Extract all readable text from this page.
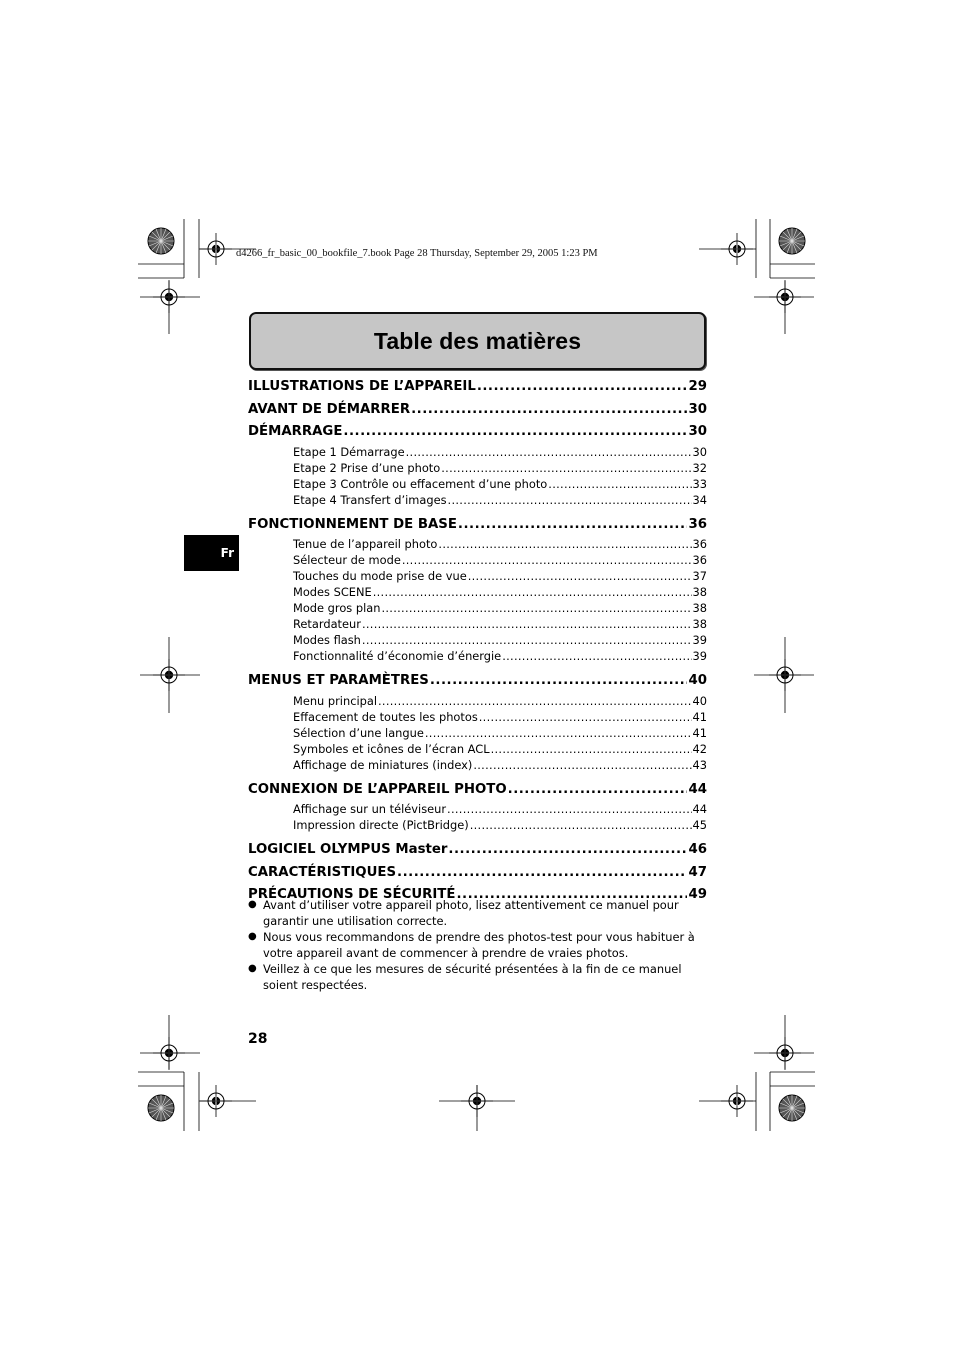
d4266_fr_basic_00_bookfile_7.book Page 28 Thursday, September 29, 2005 1:23 PM
Table des matières
Fr
ILLUSTRATIONS DE L’APPAREIL .....	29
AVANT DE DÉMARRER .....	30
DÉMARRAGE .....	30
Etape 1 Démarrage .....	30
Etape 2 Prise d’une photo .....	32
Etape 3 Contrôle ou effacement d’une photo .....	33
Etape 4 Transfert d’images .....	34
FONCTIONNEMENT DE BASE .....	36
Tenue de l’appareil photo .....	36
Sélecteur de mode .....	36
Touches du mode prise de vue .....	37
Modes SCENE .....	38
Mode gros plan .....	38
Retardateur .....	38
Modes flash .....	39
Fonctionnalité d’économie d’énergie .....	39
MENUS ET PARAMÈTRES .....	40
Menu principal .....	40
Effacement de toutes les photos .....	41
Sélection d’une langue .....	41
Symboles et icônes de l’écran ACL .....	42
Affichage de miniatures (index) .....	43
CONNEXION DE L’APPAREIL PHOTO .....	44
Affichage sur un téléviseur .....	44
Impression directe (PictBridge) .....	45
LOGICIEL OLYMPUS Master .....	46
CARACTÉRISTIQUES .....	47
PRÉCAUTIONS DE SÉCURITÉ .....	49
● Avant d’utiliser votre appareil photo, lisez attentivement ce manuel pour garantir une utilisation correcte.
● Nous vous recommandons de prendre des photos-test pour vous habituer à votre appareil avant de commencer à prendre de vraies photos.
● Veillez à ce que les mesures de sécurité présentées à la fin de ce manuel soient respectées.
28
